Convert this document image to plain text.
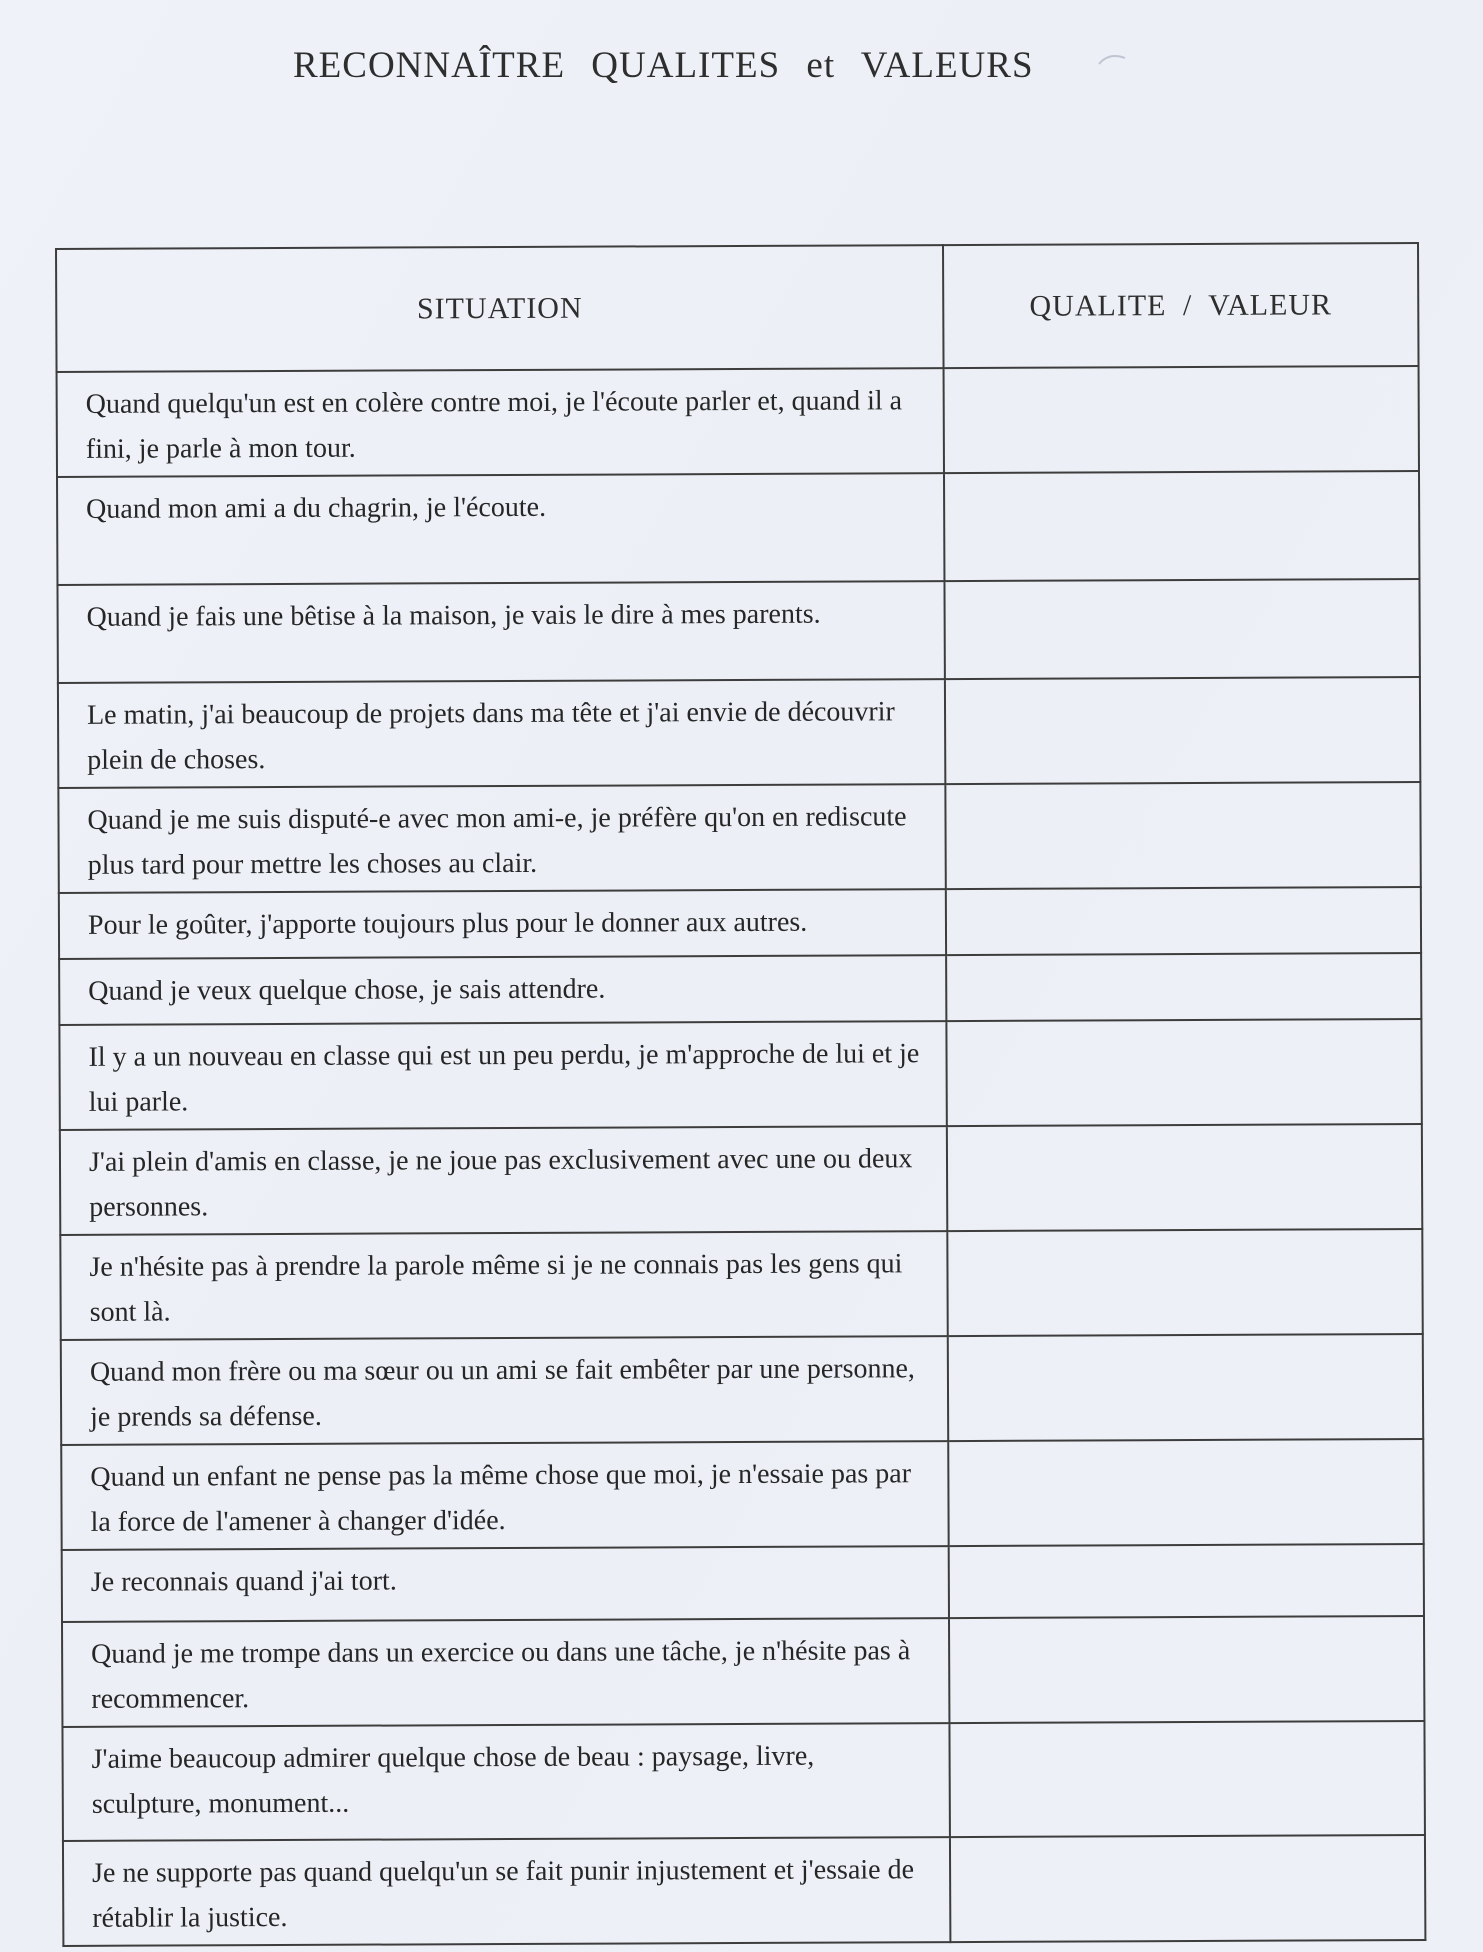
RECONNAÎTRE QUALITES et VALEURS
SITUATION	QUALITE / VALEUR
Quand quelqu'un est en colère contre moi, je l'écoute parler et, quand il a fini, je parle à mon tour.	
Quand mon ami a du chagrin, je l'écoute.	
Quand je fais une bêtise à la maison, je vais le dire à mes parents.	
Le matin, j'ai beaucoup de projets dans ma tête et j'ai envie de découvrir plein de choses.	
Quand je me suis disputé-e avec mon ami-e, je préfère qu'on en rediscute plus tard pour mettre les choses au clair.	
Pour le goûter, j'apporte toujours plus pour le donner aux autres.	
Quand je veux quelque chose, je sais attendre.	
Il y a un nouveau en classe qui est un peu perdu, je m'approche de lui et je lui parle.	
J'ai plein d'amis en classe, je ne joue pas exclusivement avec une ou deux personnes.	
Je n'hésite pas à prendre la parole même si je ne connais pas les gens qui sont là.	
Quand mon frère ou ma sœur ou un ami se fait embêter par une personne, je prends sa défense.	
Quand un enfant ne pense pas la même chose que moi, je n'essaie pas par la force de l'amener à changer d'idée.	
Je reconnais quand j'ai tort.	
Quand je me trompe dans un exercice ou dans une tâche, je n'hésite pas à recommencer.	
J'aime beaucoup admirer quelque chose de beau : paysage, livre, sculpture, monument...	
Je ne supporte pas quand quelqu'un se fait punir injustement et j'essaie de rétablir la justice.	
